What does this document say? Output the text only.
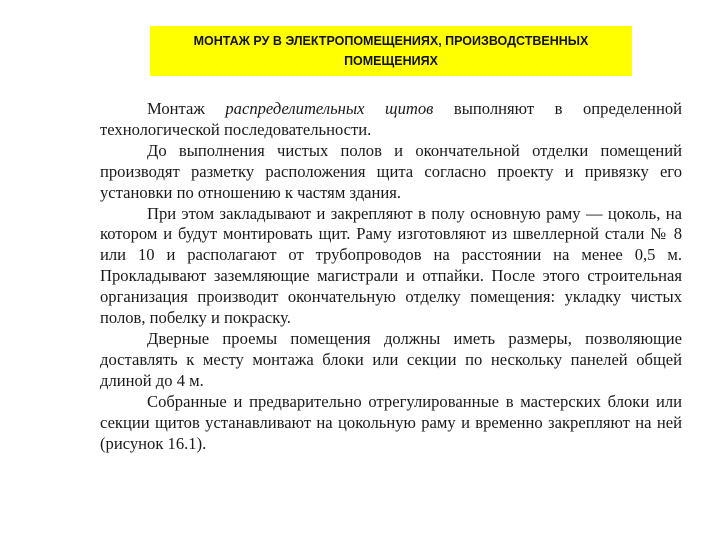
МОНТАЖ РУ В ЭЛЕКТРОПОМЕЩЕНИЯХ, ПРОИЗВОДСТВЕННЫХ
ПОМЕЩЕНИЯХ

Монтаж распределительных щитов выполняют в определенной технологической последовательности.

До выполнения чистых полов и окончательной отделки помещений производят разметку расположения щита согласно проекту и привязку его установки по отношению к частям здания.

При этом закладывают и закрепляют в полу основную раму — цоколь, на котором и будут монтировать щит. Раму изготовляют из швеллерной стали № 8 или 10 и располагают от трубопроводов на расстоянии на менее 0,5 м. Прокладывают заземляющие магистрали и отпайки. После этого строительная организация производит окончательную отделку помещения: укладку чистых полов, побелку и покраску.

Дверные проемы помещения должны иметь размеры, позволяющие доставлять к месту монтажа блоки или секции по нескольку панелей общей длиной до 4 м.

Собранные и предварительно отрегулированные в мастерских блоки или секции щитов устанавливают на цокольную раму и временно закрепляют на ней (рисунок 16.1).
